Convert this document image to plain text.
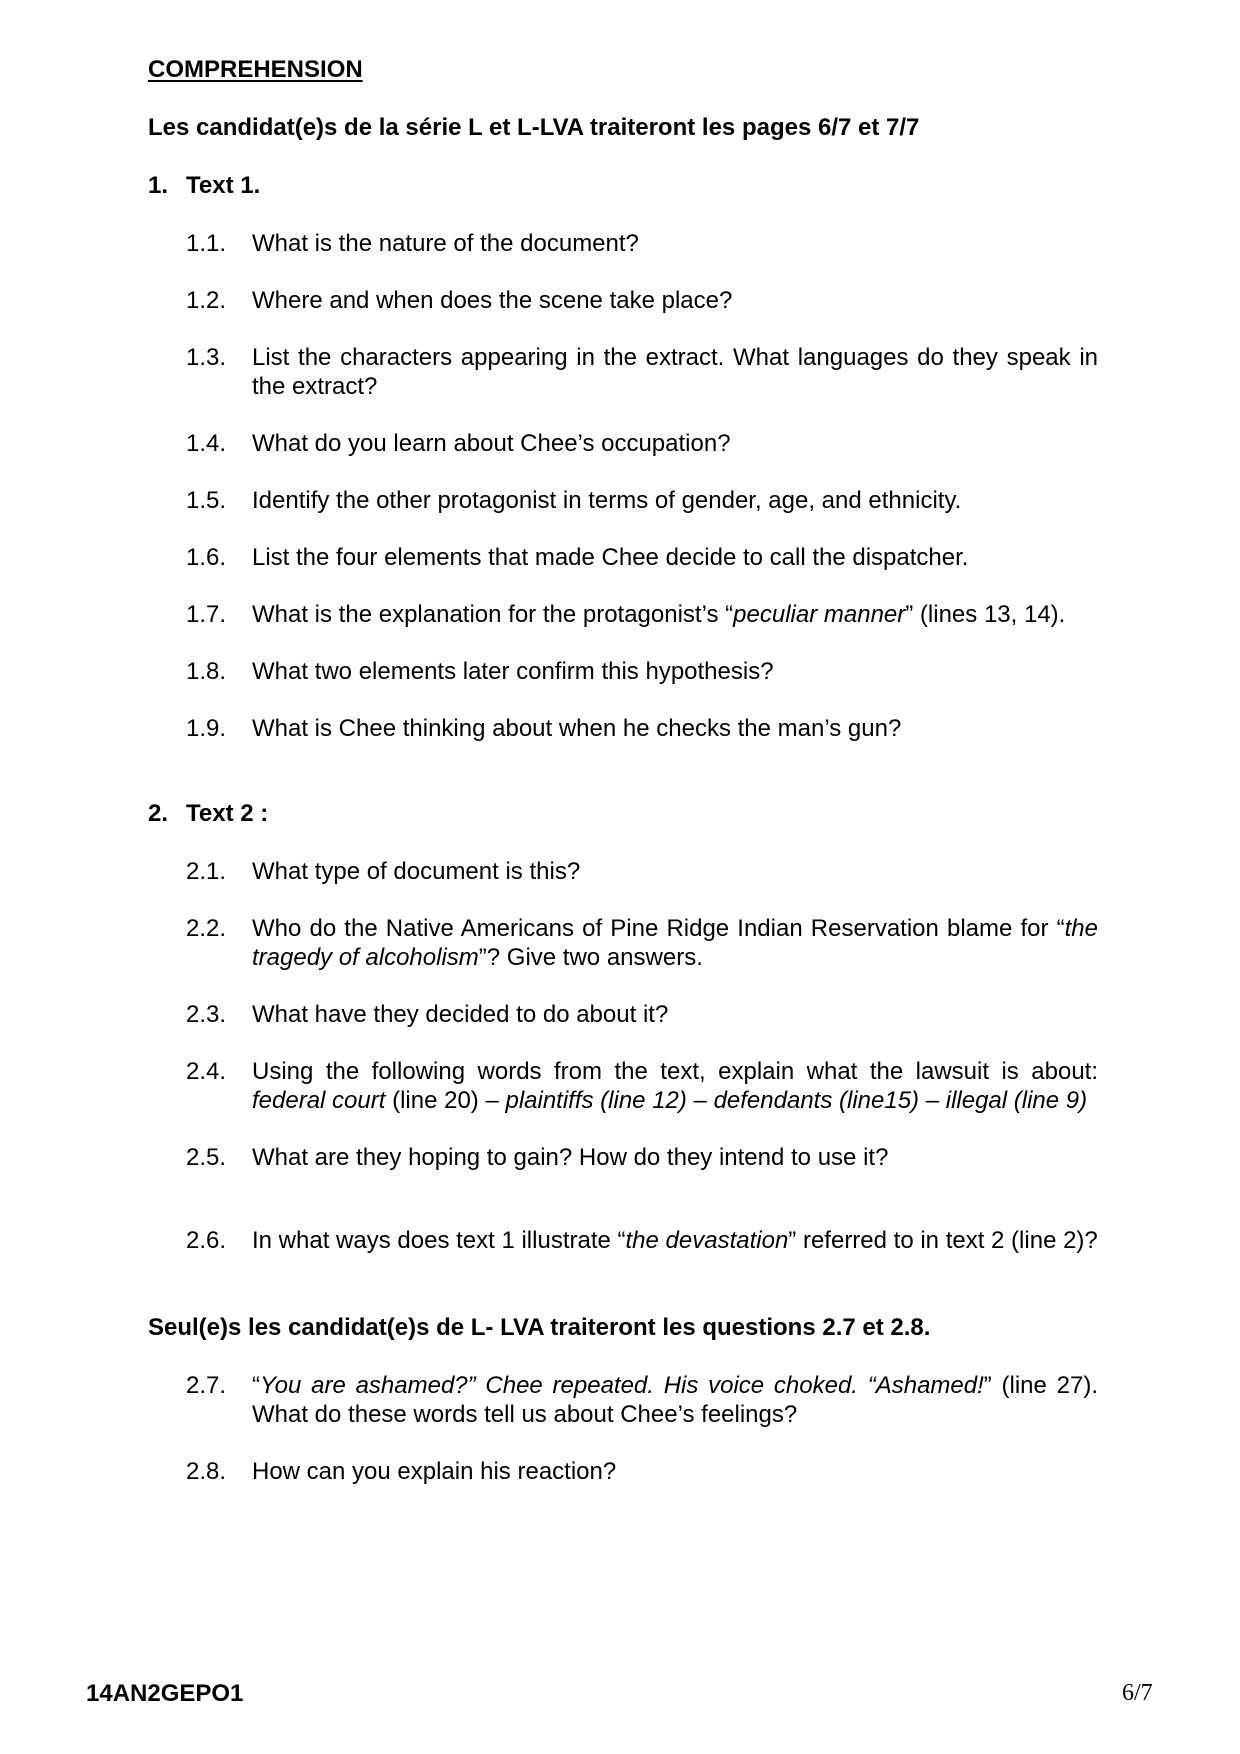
COMPREHENSION
Les candidat(e)s de la série L et L-LVA traiteront les pages 6/7 et 7/7
1. Text 1.
1.1.	What is the nature of the document?
1.2.	Where and when does the scene take place?
1.3.	List the characters appearing in the extract. What languages do they speak in the extract?
1.4.	What do you learn about Chee’s occupation?
1.5.	Identify the other protagonist in terms of gender, age, and ethnicity.
1.6.	List the four elements that made Chee decide to call the dispatcher.
1.7.	What is the explanation for the protagonist’s “peculiar manner” (lines 13, 14).
1.8.	What two elements later confirm this hypothesis?
1.9.	What is Chee thinking about when he checks the man’s gun?
2. Text 2 :
2.1.	What type of document is this?
2.2.	Who do the Native Americans of Pine Ridge Indian Reservation blame for “the tragedy of alcoholism”? Give two answers.
2.3.	What have they decided to do about it?
2.4.	Using the following words from the text, explain what the lawsuit is about: federal court (line 20) – plaintiffs (line 12) – defendants (line15) – illegal (line 9)
2.5.	What are they hoping to gain? How do they intend to use it?
2.6.	In what ways does text 1 illustrate “the devastation” referred to in text 2 (line 2)?
Seul(e)s les candidat(e)s de L- LVA traiteront les questions 2.7 et 2.8.
2.7.	“You are ashamed?” Chee repeated. His voice choked. “Ashamed!” (line 27). What do these words tell us about Chee’s feelings?
2.8.	How can you explain his reaction?
14AN2GEPO1	6/7
